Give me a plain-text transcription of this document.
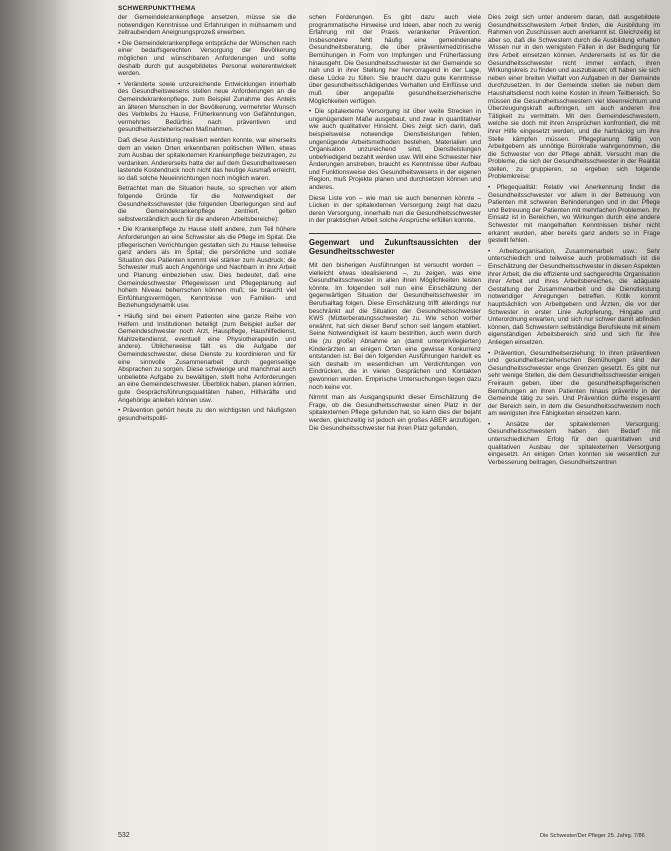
SCHWERPUNKTTHEMA

der Gemeindekrankenpflege ansetzen, müsse sie die notwendigen Kenntnisse und Erfahrungen in mühsamem und zeitraubendem Aneignungsprozeß erwerben.

• Die Gemeindekrankenpflege entspräche der Wünschen nach einer bedarfsgerechten Versorgung der Bevölkerung möglichen und wünschbaren Anforderungen und sollte deshalb durch gut ausgebildetes Personal weiterentwickelt werden.

• Veränderte sowie unzureichende Entwicklungen innerhalb des Gesundheitswesens stellen neue Anforderungen an die Gemeindekrankenpflege, zum Beispiel Zunahme des Anteils an älteren Menschen in der Bevölkerung, vermehrter Wunsch des Verbleibs zu Hause, Früherkennung von Gefährdungen, vermehrtes Bedürfnis nach präventiven und gesundheitserzieherischen Maßnahmen.

Daß diese Ausbildung realisiert werden konnte, war einerseits dem an vielen Orten erkennbaren politischen Willen, etwas zum Ausbau der spitalexternen Krankenpflege beizutragen, zu verdanken. Andererseits hatte der auf dem Gesundheitswesen lastende Kostendruck noch nicht das heutige Ausmaß erreicht, so daß solche Neueinrichtungen noch möglich waren.

Betrachtet man die Situation heute, so sprechen vor allem folgende Gründe für die Notwendigkeit der Gesundheitsschwester (die folgenden Überlegungen sind auf die Gemeindekrankenpflege zentriert, gelten selbstverständlich auch für die anderen Arbeitsbereiche):

• Die Krankenpflege zu Hause stellt andere, zum Teil höhere Anforderungen an eine Schwester als die Pflege im Spital. Die pflegerischen Verrichtungen gestalten sich zu Hause teilweise ganz anders als im Spital; die persönliche und soziale Situation des Patienten kommt viel stärker zum Ausdruck; die Schwester muß auch Angehörige und Nachbarn in ihre Arbeit und Planung einbeziehen usw. Dies bedeutet, daß eine Gemeindeschwester Pflegewissen und Pflegeplanung auf hohem Niveau beherrschen können muß; sie braucht viel Einfühlungsvermögen, Kenntnisse von Familien- und Beziehungsdynamik usw.

• Häufig sind bei einem Patienten eine ganze Reihe von Helfern und Institutionen beteiligt (zum Beispiel außer der Gemeindeschwester noch Arzt, Hauspflege, Haushilfedienst, Mahlzeitendienst, eventuell eine Physiotherapeutin und andere). Üblicherweise fällt es die Aufgabe der Gemeindeschwester, diese Dienste zu koordinieren und für eine sinnvolle Zusammenarbeit durch gegenseitige Absprachen zu sorgen. Diese schwierige und manchmal auch unbeliebte Aufgabe zu bewältigen, stellt hohe Anforderungen an eine Gemeindeschwester. Überblick haben, planen können, gute Gesprächsführungsqualitäten haben, Hilfskräfte und Angehörige anleiten können usw.

• Prävention gehört heute zu den wichtigsten und häufigsten gesundheitspoliti-

schen Forderungen. Es gibt dazu auch viele programmatische Hinweise und Ideen, aber noch zu wenig Erfahrung mit der Praxis verankerter Prävention. Insbesondere fehlt häufig eine gemeindenahe Gesundheitsberatung, die über präventivmedizinische Bemühungen in Form von Impfungen und Früherfassung hinausgeht. Die Gesundheitsschwester ist der Gemeinde so nah und in ihrer Stellung her hervorragend in der Lage, diese Lücke zu füllen. Sie braucht dazu gute Kenntnisse über gesundheitsschädigendes Verhalten und Einflüsse und muß über angepaßte gesundheitserzieherische Möglichkeiten verfügen.

• Die spitalexterne Versorgung ist über weite Strecken in ungenügendem Maße ausgebaut, und zwar in quantitativer wie auch qualitativer Hinsicht. Dies zeigt sich darin, daß beispielsweise notwendige Dienstleistungen fehlen, ungenügende Arbeitsmethoden bestehen, Materialien und Organisation unzureichend sind, Dienstleistungen unbefriedigend bezahlt werden usw. Will eine Schwester hier Änderungen anstreben, braucht es Kenntnisse über Aufbau und Funktionsweise des Gesundheitswesens in der eigenen Region, muß Projekte planen und durchsetzen können und anderes.

Diese Liste von – wie man sie auch benennen könnte – Lücken in der spitalexternen Versorgung zeigt hat dazu deren Versorgung, innerhalb nun die Gesundheitsschwester in der praktischen Arbeit solche Ansprüche erfüllen konnte.

Gegenwart und Zukunftsaussichten der Gesundheitsschwester

Mit den bisherigen Ausführungen ist versucht worden – vielleicht etwas idealisierend –, zu zeigen, was eine Gesundheitsschwester in allen ihren Möglichkeiten leisten könnte. Im folgenden soll nun eine Einschätzung der gegenwärtigen Situation der Gesundheitsschwester im Berufsalltag folgen. Diese Einschätzung trifft allerdings nur beschränkt auf die Situation der Gesundheitsschwester KWS (Mütterberatungsschwester) zu. Wie schon vorher erwähnt, hat sich dieser Beruf schon seit langem etabliert. Seine Notwendigkeit ist kaum bestritten, auch wenn durch die (zu große) Abnahme an (damit unterprivilegierten) Kinderärzten an einigen Orten eine gewisse Konkurrenz entstanden ist. Bei den folgenden Ausführungen handelt es sich deshalb im wesentlichen um Verdichtungen von Eindrücken, die in vielen Gesprächen und Kontakten gewonnen wurden. Empirische Untersuchungen liegen dazu noch keine vor.

Nimmt man als Ausgangspunkt dieser Einschätzung die Frage, ob die Gesundheitsschwester einen Platz in der spitalexternen Pflege gefunden hat, so kann dies der bejaht werden, gleichzeitig ist jedoch ein großes ABER anzufügen. Die Gesundheitsschwester hat ihren Platz gefunden,

Dies zeigt sich unter anderem daran, daß ausgebildete Gesundheitsschwestern Arbeit finden, die Ausbildung im Rahmen von Zuschüssen auch anerkannt ist. Gleichzeitig ist aber so, daß die Schwestern durch die Ausbildung erhalten Wissen nur in den wenigsten Fällen in der Bedingung für ihre Arbeit einsetzen können. Andererseits ist es für die Gesundheitsschwester nicht immer einfach, ihren Wirkungskreis zu finden und auszubauen; oft haben sie sich neben einer breiten Vielfalt von Aufgaben in der Gemeinde durchzusetzen. In der Gemeinde stellen sie neben dem Haushaltsdienst noch keine Kosten in ihrem Teilbereich. So müssen die Gesundheitsschwestern viel Ideenreichtum und Überzeugungskraft aufbringen, um auch anderen ihre Tätigkeit zu vermitteln. Mit den Gemeindeschwestern, welche sie doch mit ihren Ansprüchen konfrontiert, die mit ihrer Hilfe eingesetzt werden, und die hartnäckig um ihre Stelle kämpfen müssen. Pflegeplanung fällig von Arbeitgebern als unnötige Bürokratie wahrgenommen, die die Schwester von der Pflege abhält. Versucht man die Probleme, die sich der Gesundheitsschwester in der Realität stellen, zu gruppieren, so ergeben sich folgende Problemkreise:

• Pflegequalität: Relativ viel Anerkennung findet die Gesundheitsschwester vor allem in der Betreuung von Patienten mit schweren Behinderungen und in der Pflege und Betreuung der Patienten mit mehrfachen Problemen. Ihr Einsatz ist in Bereichen, wo Wirkungen durch eine andere Schwester mit mangelhaften Kenntnissen bisher nicht erkannt wurden, aber bereits ganz anders so in Frage gestellt fehlen.

• Arbeitsorganisation, Zusammenarbeit usw.: Sehr unterschiedlich und teilweise auch problematisch ist die Einschätzung der Gesundheitsschwester in diesen Aspekten ihrer Arbeit, die die effiziente und sachgerechte Organisation ihrer Arbeit und ihres Arbeitsbereiches, die adäquate Gestaltung der Zusammenarbeit und die Dienstleistung notwendiger Anregungen betreffen. Kritik kommt hauptsächlich von Arbeitgebern und Ärzten, die vor der Schwester in erster Linie Aufopferung, Hingabe und Unterordnung erwarten, und sich nur schwer damit abfinden können, daß Schwestern selbständige Berufsleute mit einem eigenständigen Arbeitsbereich sind und sich für ihre Anliegen einsetzen.

• Prävention, Gesundheitserziehung: In ihren präventiven und gesundheitserzieherischen Bemühungen sind der Gesundheitsschwester enge Grenzen gesetzt. Es gibt nur sehr wenige Stellen, die dem Gesundheitsschwester einigen Freiraum geben, über die gesundheitspflegerischen Bemühungen an ihren Patienten hinaus präventiv in der Gemeinde tätig zu sein. Und Prävention dürfte insgesamt der Bereich sein, in dem die Gesundheitsschwestern noch am wenigsten ihre Fähigkeiten einsetzen kann.

• Ansätze der spitalexternen Versorgung: Gesundheitsschwestern haben den Bedarf mit unterschiedlichem Erfolg für den quantitativen und qualitativen Ausbau der spitalexternen Versorgung eingesetzt. An einigen Orten konnten sie wesentlich zur Verbesserung beitragen, Gesundheitszentren

532	Die Schwester/Der Pfleger 25. Jahrg. 7/86
